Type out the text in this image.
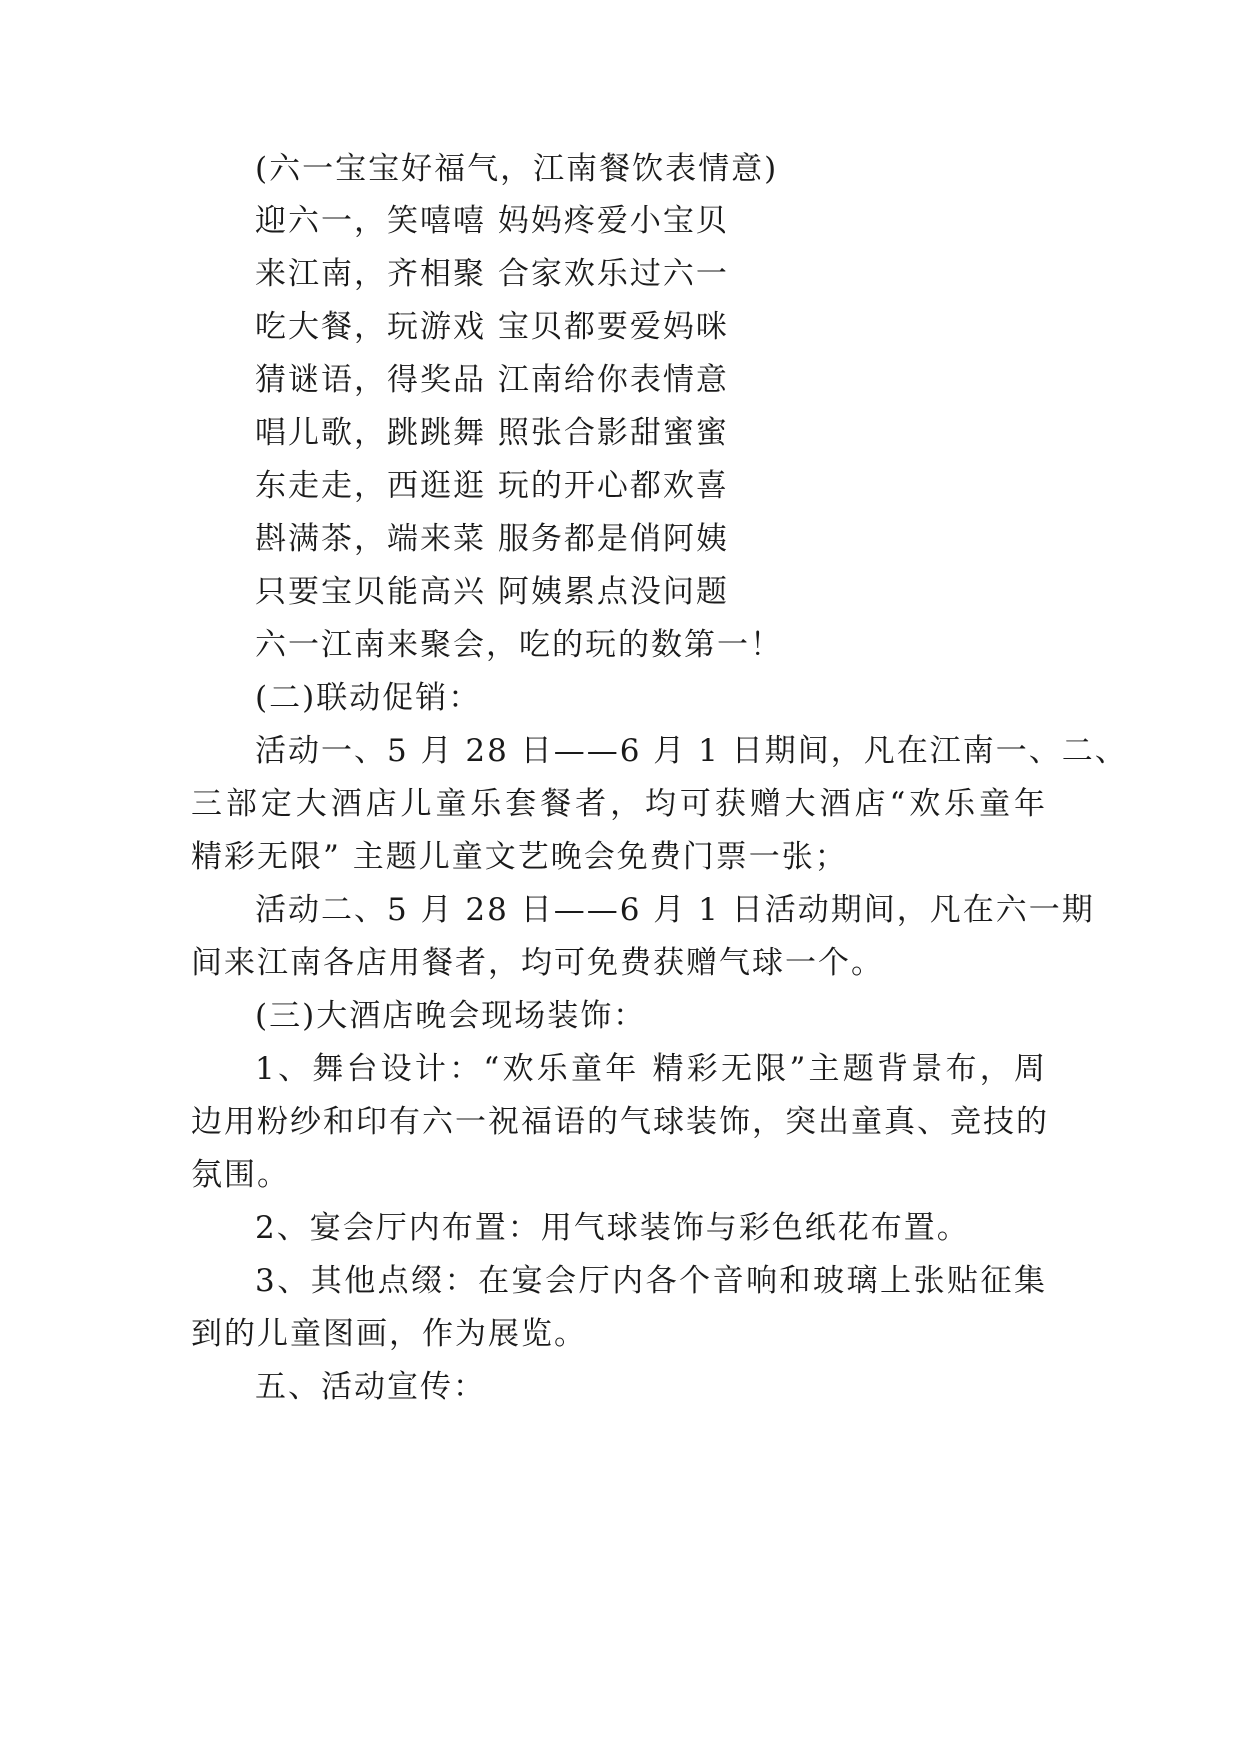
(六一宝宝好福气，江南餐饮表情意)
迎六一，笑嘻嘻 妈妈疼爱小宝贝
来江南，齐相聚 合家欢乐过六一
吃大餐，玩游戏 宝贝都要爱妈咪
猜谜语，得奖品 江南给你表情意
唱儿歌，跳跳舞 照张合影甜蜜蜜
东走走，西逛逛 玩的开心都欢喜
斟满茶，端来菜 服务都是俏阿姨
只要宝贝能高兴 阿姨累点没问题
六一江南来聚会，吃的玩的数第一！
(二)联动促销：
活动一、5 月 28 日——6 月 1 日期间，凡在江南一、二、
三部定大酒店儿童乐套餐者，均可获赠大酒店“欢乐童年
精彩无限” 主题儿童文艺晚会免费门票一张；
活动二、5 月 28 日——6 月 1 日活动期间，凡在六一期
间来江南各店用餐者，均可免费获赠气球一个。
(三)大酒店晚会现场装饰：
1、舞台设计：“欢乐童年 精彩无限”主题背景布，周
边用粉纱和印有六一祝福语的气球装饰，突出童真、竞技的
氛围。
2、宴会厅内布置：用气球装饰与彩色纸花布置。
3、其他点缀：在宴会厅内各个音响和玻璃上张贴征集
到的儿童图画，作为展览。
五、活动宣传：
